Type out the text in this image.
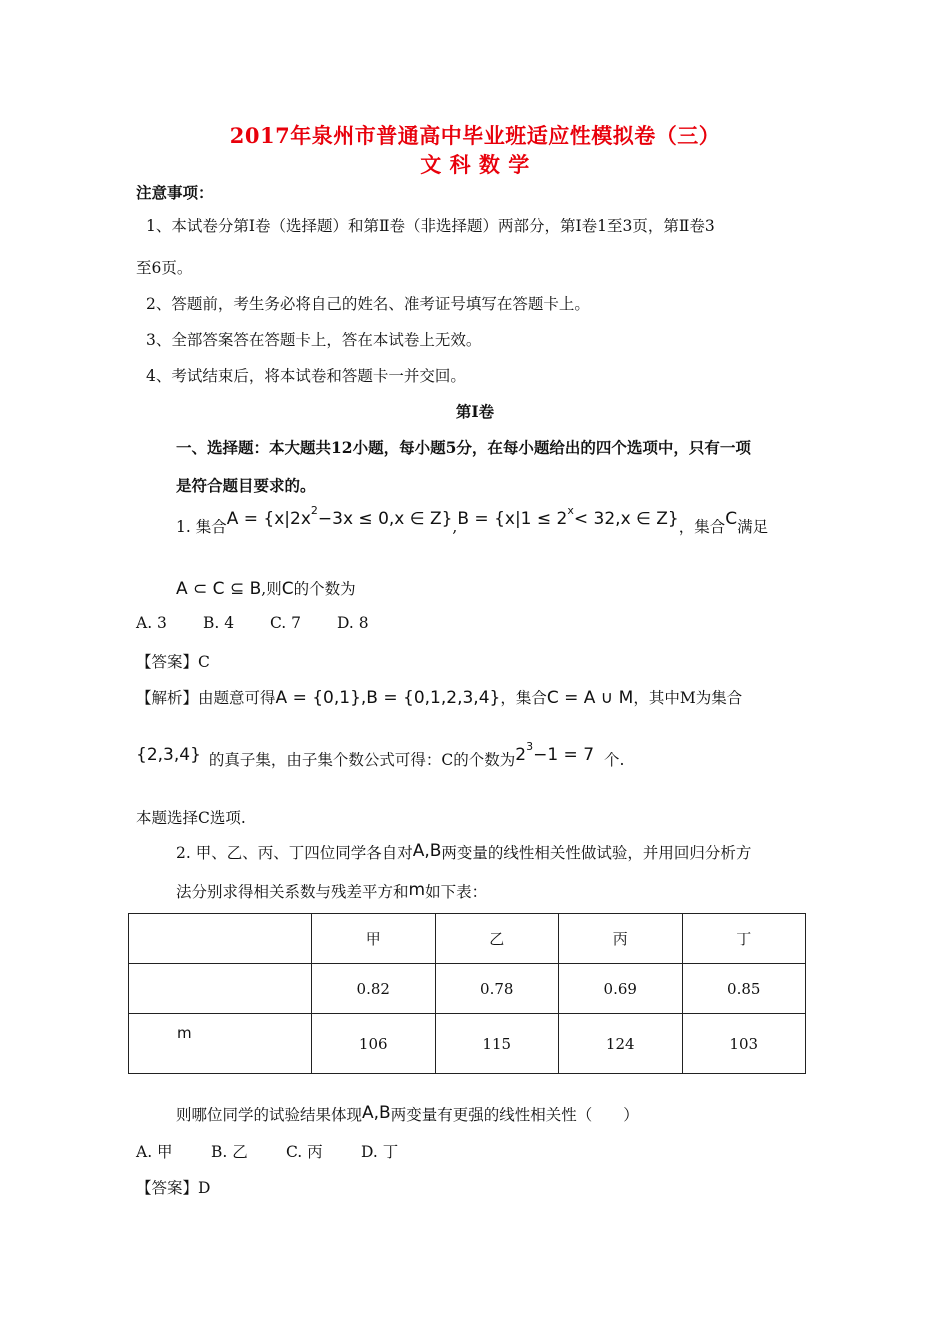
2017年泉州市普通高中毕业班适应性模拟卷（三）
文 科 数 学
注意事项：
1、本试卷分第Ⅰ卷（选择题）和第Ⅱ卷（非选择题）两部分，第Ⅰ卷1至3页，第Ⅱ卷3
至6页。
2、答题前，考生务必将自己的姓名、准考证号填写在答题卡上。
3、全部答案答在答题卡上，答在本试卷上无效。
4、考试结束后，将本试卷和答题卡一并交回。
第Ⅰ卷
一、选择题：本大题共12小题，每小题5分，在每小题给出的四个选项中，只有一项
是符合题目要求的。
1. 集合$A = \{x|2x^2-3x \le 0,x$ ∈ $Z\},B = \{x|1 \le 2^x< 32,x$ ∈ Z}，集合C满足
A ⊂ C ⊆ B,则C的个数为
A. 3 B. 4 C. 7 D. 8
【答案】C
【解析】由题意可得A = {0,1},B = {0,1,2,3,4}，集合C = A ∪ M，其中M为集合
{2,3,4} 的真子集，由子集个数公式可得：C的个数为$2^3-1 = 7$ 个.
本题选择C选项.
2. 甲、乙、丙、丁四位同学各自对A,B两变量的线性相关性做试验，并用回归分析方
法分别求得相关系数与残差平方和m如下表：
	甲	乙	丙	丁
	0.82	0.78	0.69	0.85
m	106	115	124	103
则哪位同学的试验结果体现A,B两变量有更强的线性相关性（　　）
A. 甲 B. 乙 C. 丙 D. 丁
【答案】D
